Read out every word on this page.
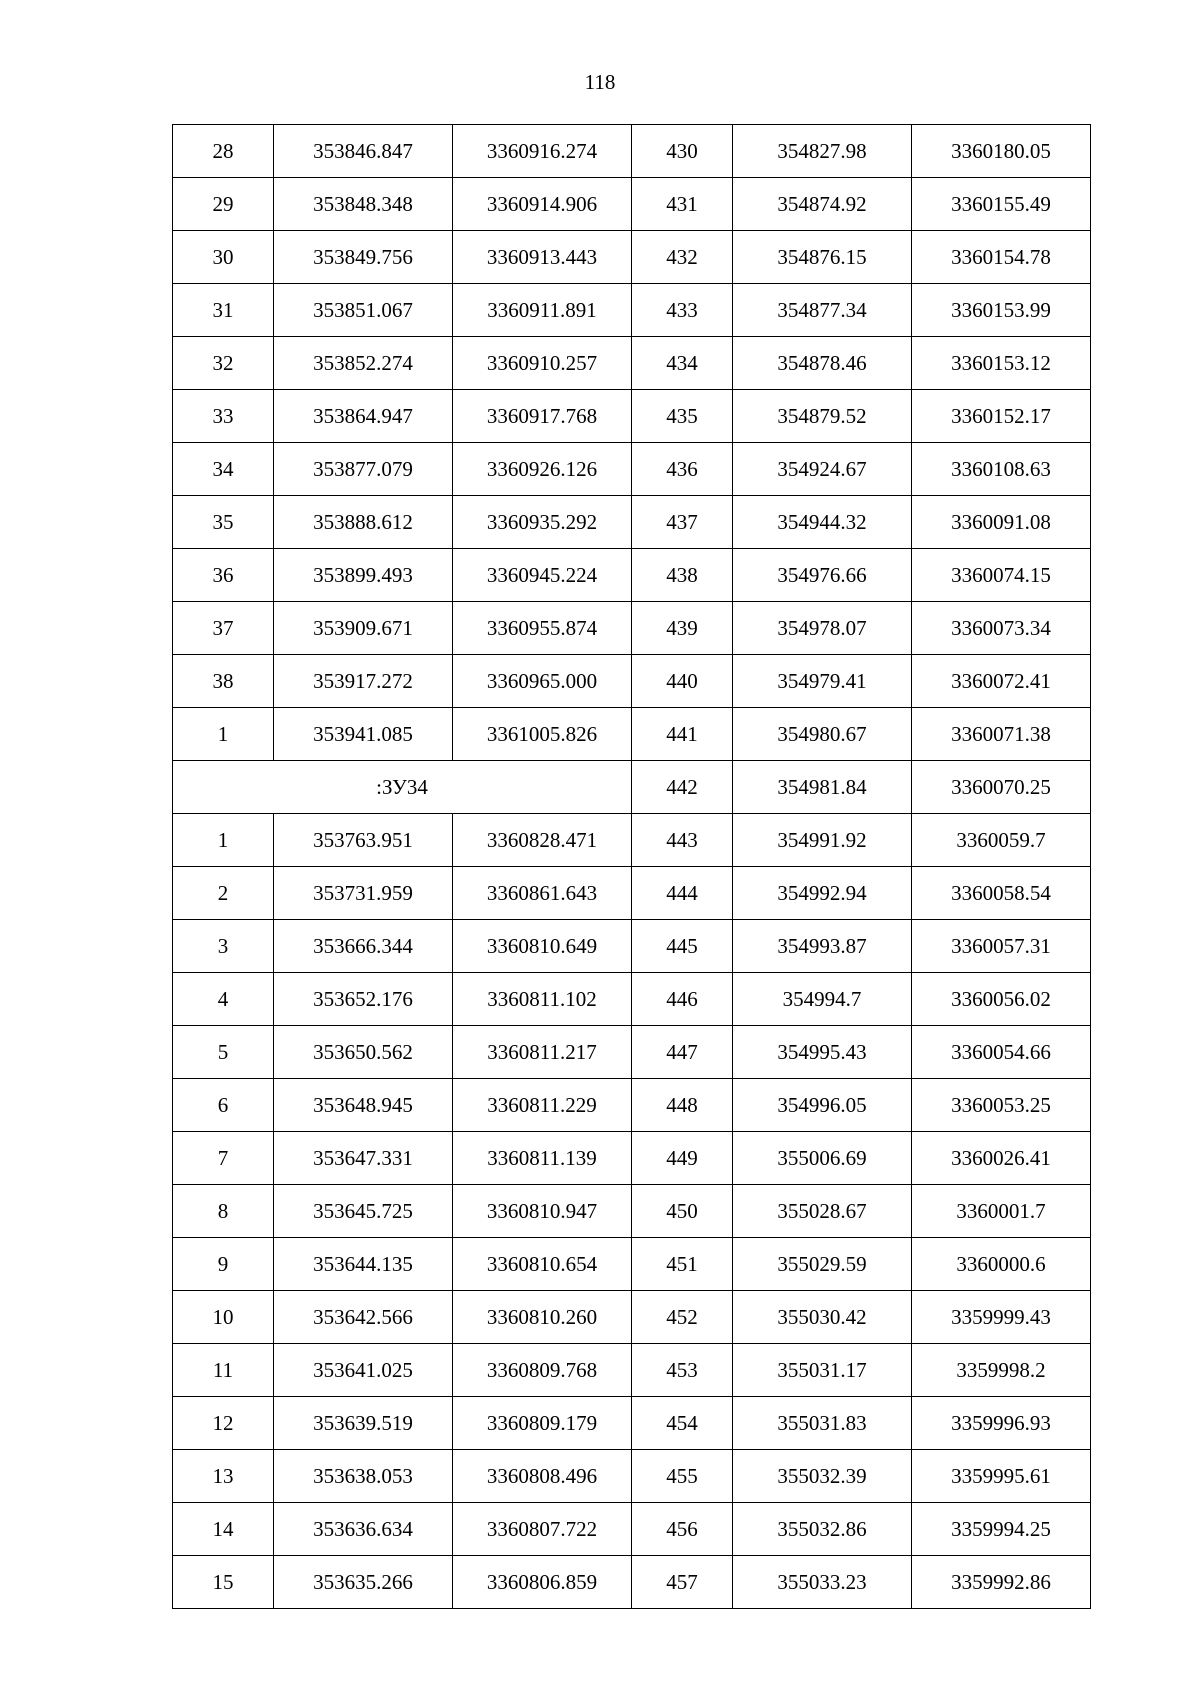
118
28	353846.847	3360916.274	430	354827.98	3360180.05
29	353848.348	3360914.906	431	354874.92	3360155.49
30	353849.756	3360913.443	432	354876.15	3360154.78
31	353851.067	3360911.891	433	354877.34	3360153.99
32	353852.274	3360910.257	434	354878.46	3360153.12
33	353864.947	3360917.768	435	354879.52	3360152.17
34	353877.079	3360926.126	436	354924.67	3360108.63
35	353888.612	3360935.292	437	354944.32	3360091.08
36	353899.493	3360945.224	438	354976.66	3360074.15
37	353909.671	3360955.874	439	354978.07	3360073.34
38	353917.272	3360965.000	440	354979.41	3360072.41
1	353941.085	3361005.826	441	354980.67	3360071.38
:ЗУ34			442	354981.84	3360070.25
1	353763.951	3360828.471	443	354991.92	3360059.7
2	353731.959	3360861.643	444	354992.94	3360058.54
3	353666.344	3360810.649	445	354993.87	3360057.31
4	353652.176	3360811.102	446	354994.7	3360056.02
5	353650.562	3360811.217	447	354995.43	3360054.66
6	353648.945	3360811.229	448	354996.05	3360053.25
7	353647.331	3360811.139	449	355006.69	3360026.41
8	353645.725	3360810.947	450	355028.67	3360001.7
9	353644.135	3360810.654	451	355029.59	3360000.6
10	353642.566	3360810.260	452	355030.42	3359999.43
11	353641.025	3360809.768	453	355031.17	3359998.2
12	353639.519	3360809.179	454	355031.83	3359996.93
13	353638.053	3360808.496	455	355032.39	3359995.61
14	353636.634	3360807.722	456	355032.86	3359994.25
15	353635.266	3360806.859	457	355033.23	3359992.86
